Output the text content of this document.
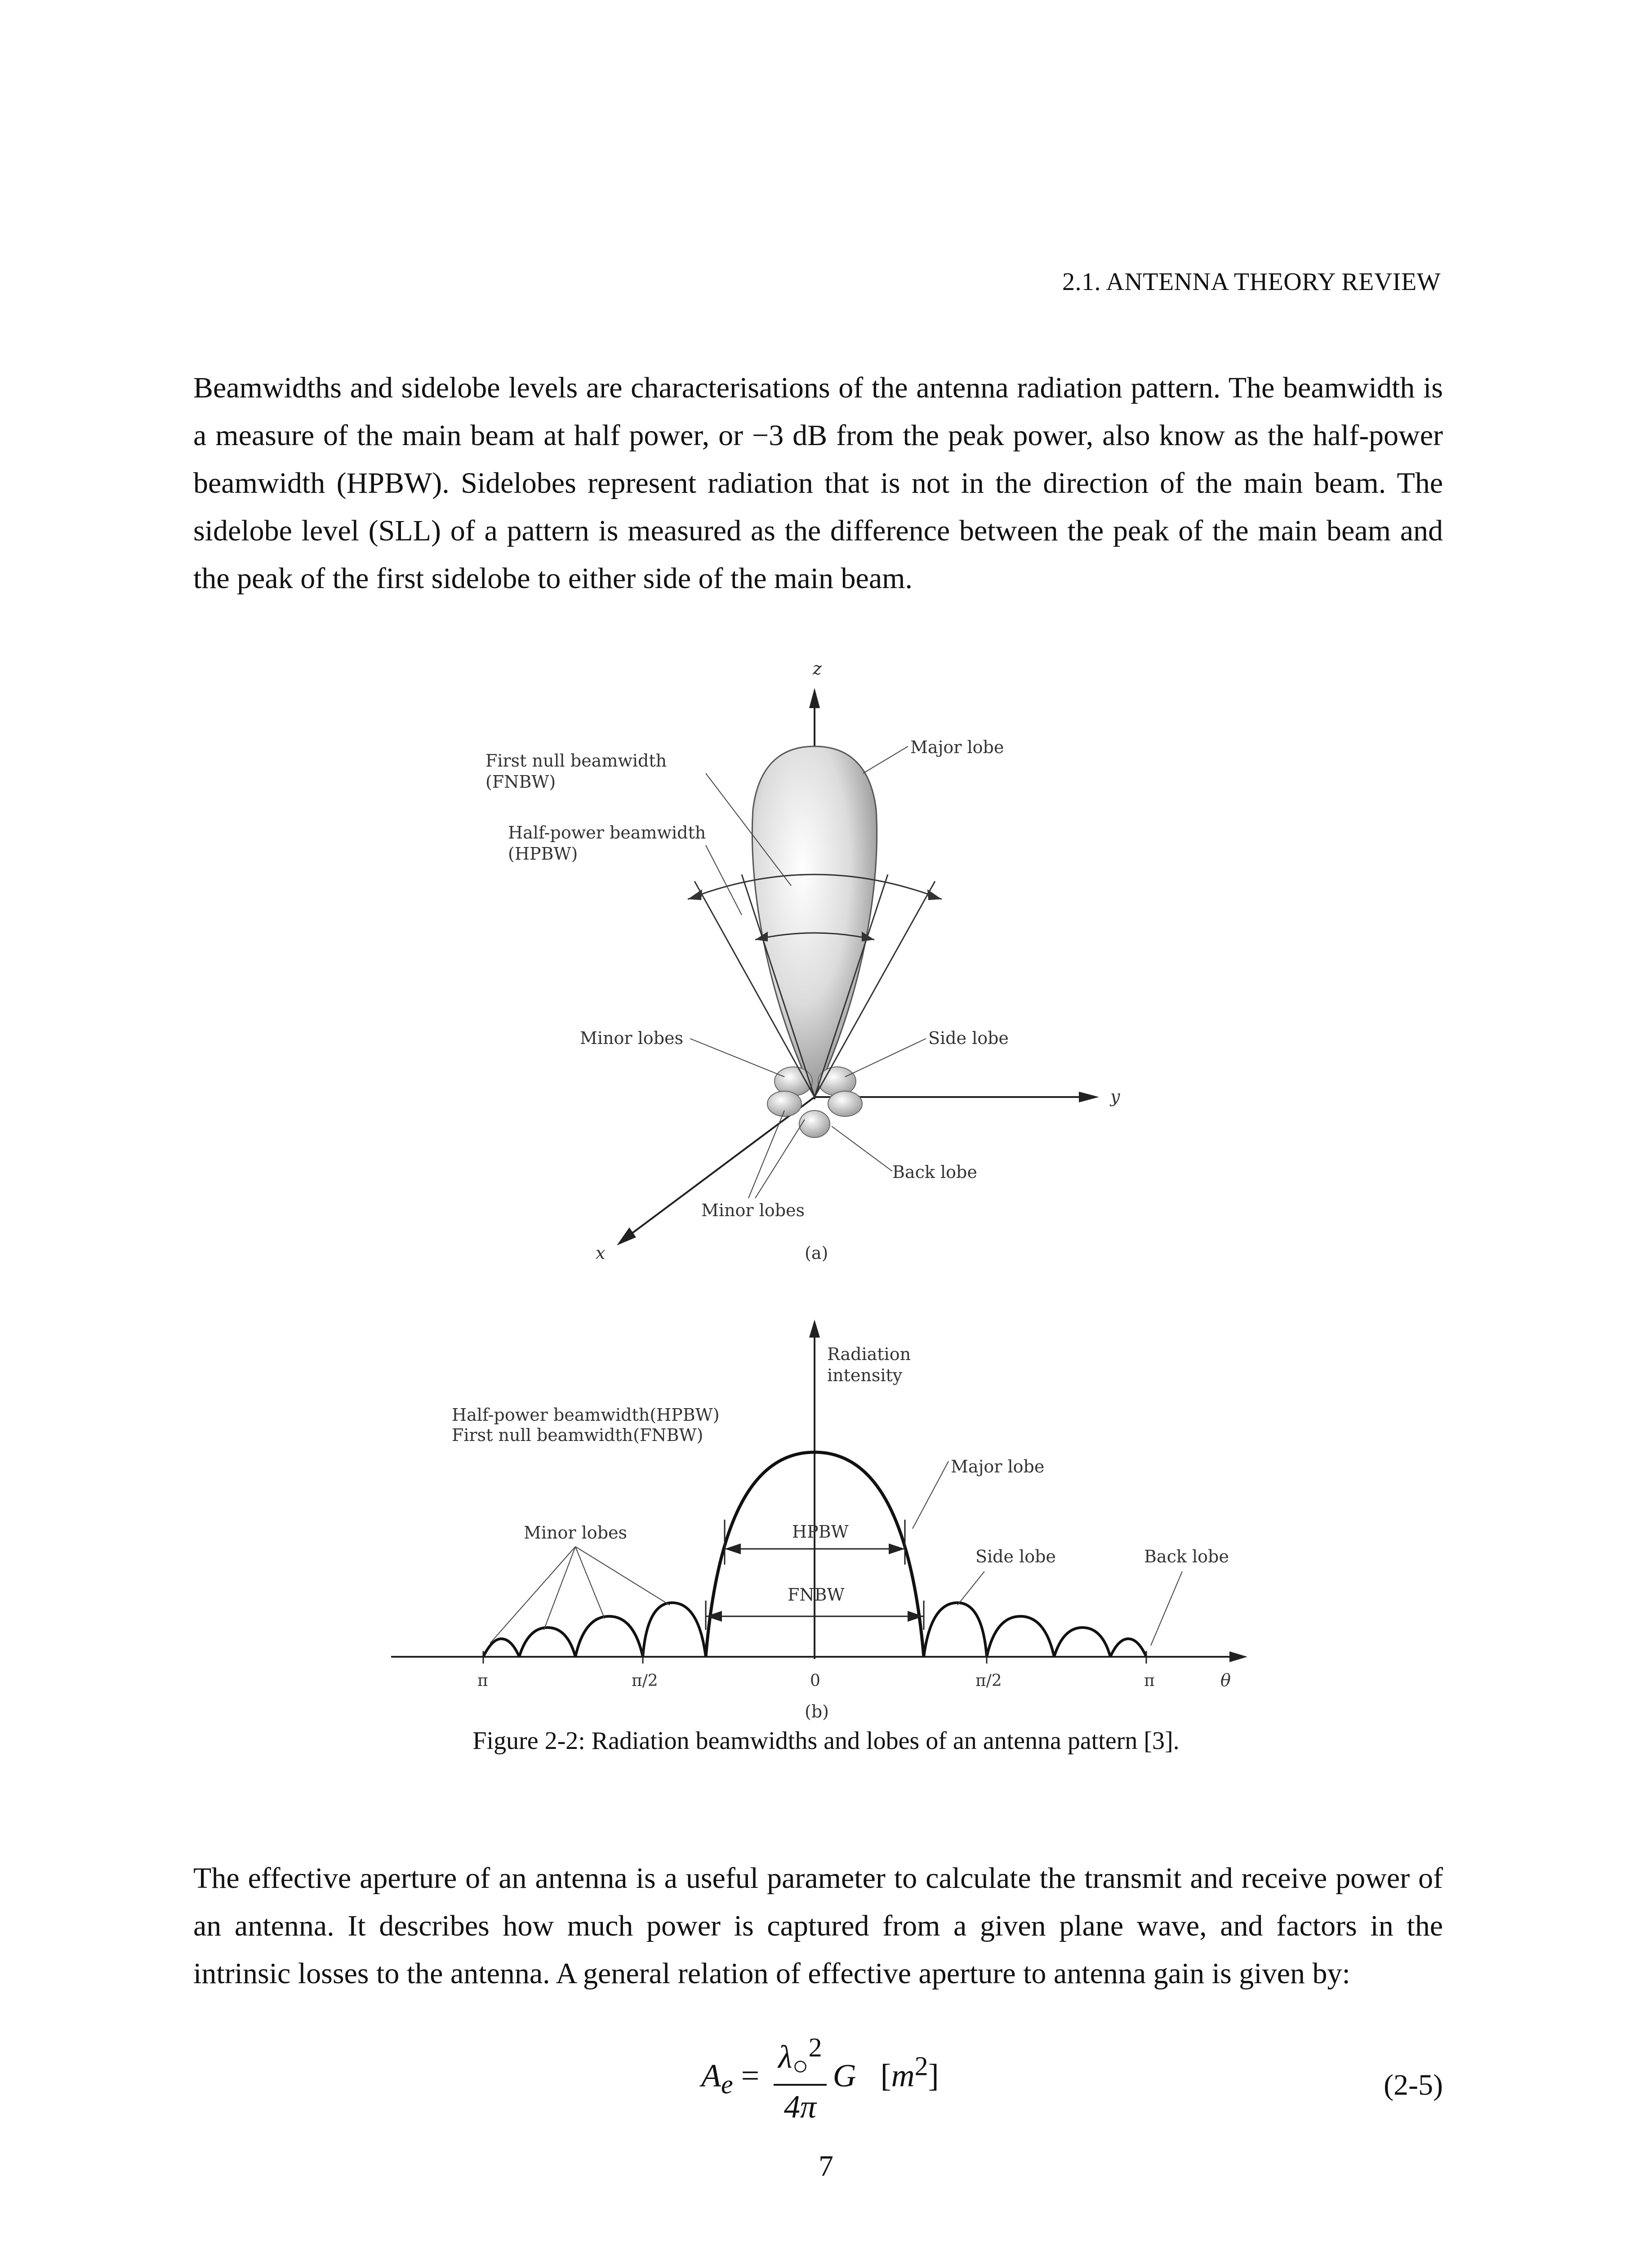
2.1. ANTENNA THEORY REVIEW

Beamwidths and sidelobe levels are characterisations of the antenna radiation pattern. The beamwidth is a measure of the main beam at half power, or −3 dB from the peak power, also know as the half-power beamwidth (HPBW). Sidelobes represent radiation that is not in the direction of the main beam. The sidelobe level (SLL) of a pattern is measured as the difference between the peak of the main beam and the peak of the first sidelobe to either side of the main beam.

z
y
x
First null beamwidth
(FNBW)
Half-power beamwidth
(HPBW)
Major lobe
Minor lobes	Side lobe
Back lobe
Minor lobes
(a)
Radiation
intensity
Half-power beamwidth(HPBW)
First null beamwidth(FNBW)
Major lobe
Minor lobes	HPBW
FNBW
Side lobe	Back lobe
π	π/2	0	π/2	π	θ
(b)
Figure 2-2: Radiation beamwidths and lobes of an antenna pattern [3].

The effective aperture of an antenna is a useful parameter to calculate the transmit and receive power of an antenna. It describes how much power is captured from a given plane wave, and factors in the intrinsic losses to the antenna. A general relation of effective aperture to antenna gain is given by:

$A_e = \frac{\lambda_○^2}{4\pi}$ G $[m^2]$	(2-5)
7
